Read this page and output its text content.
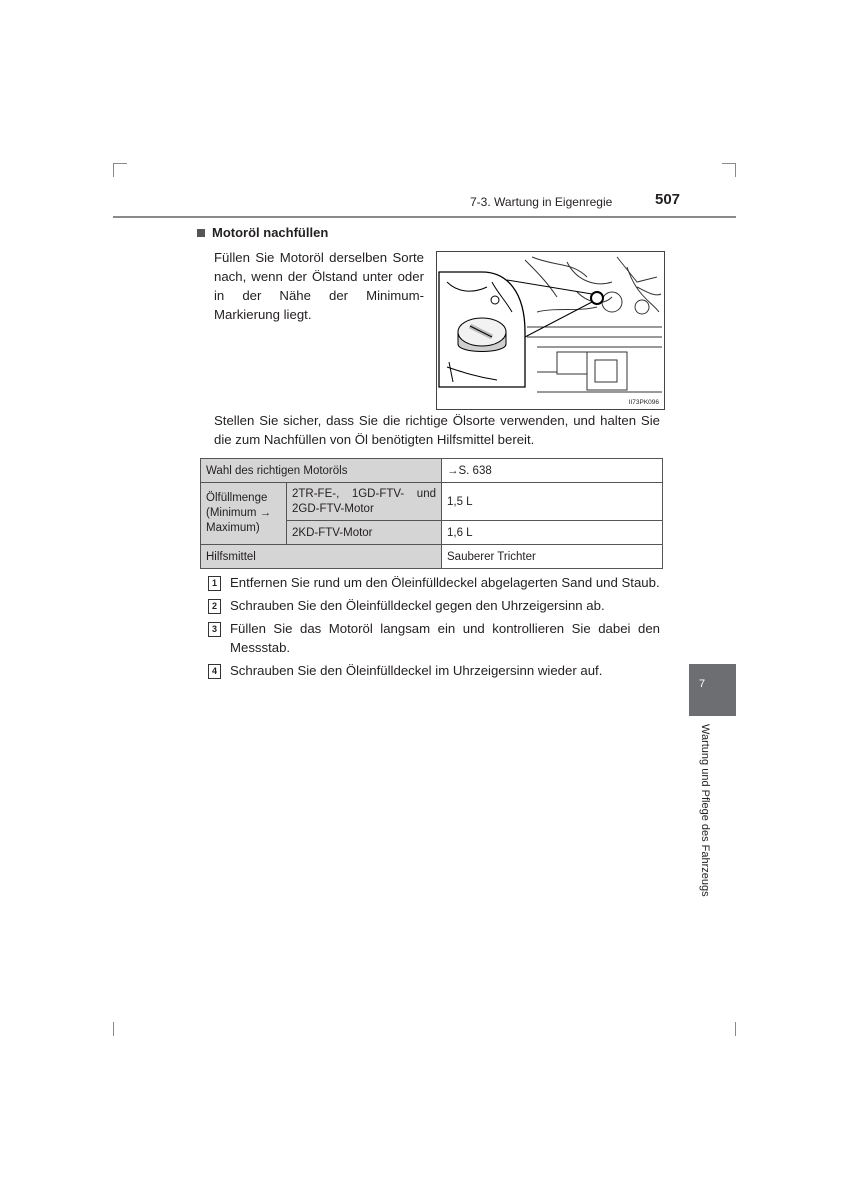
7-3. Wartung in Eigenregie	507
Motoröl nachfüllen
Füllen Sie Motoröl derselben Sorte nach, wenn der Ölstand unter oder in der Nähe der Minimum-Markierung liegt.
II73PK096
Stellen Sie sicher, dass Sie die richtige Ölsorte verwenden, und halten Sie die zum Nachfüllen von Öl benötigten Hilfsmittel bereit.
Wahl des richtigen Motoröls		→S. 638
Ölfüllmenge (Minimum → Maximum)	2TR-FE-, 1GD-FTV- und 2GD-FTV-Motor	1,5 L
	2KD-FTV-Motor	1,6 L
Hilfsmittel		Sauberer Trichter
1 Entfernen Sie rund um den Öleinfülldeckel abgelagerten Sand und Staub.
2 Schrauben Sie den Öleinfülldeckel gegen den Uhrzeigersinn ab.
3 Füllen Sie das Motoröl langsam ein und kontrollieren Sie dabei den Messstab.
4 Schrauben Sie den Öleinfülldeckel im Uhrzeigersinn wieder auf.
7
Wartung und Pflege des Fahrzeugs
